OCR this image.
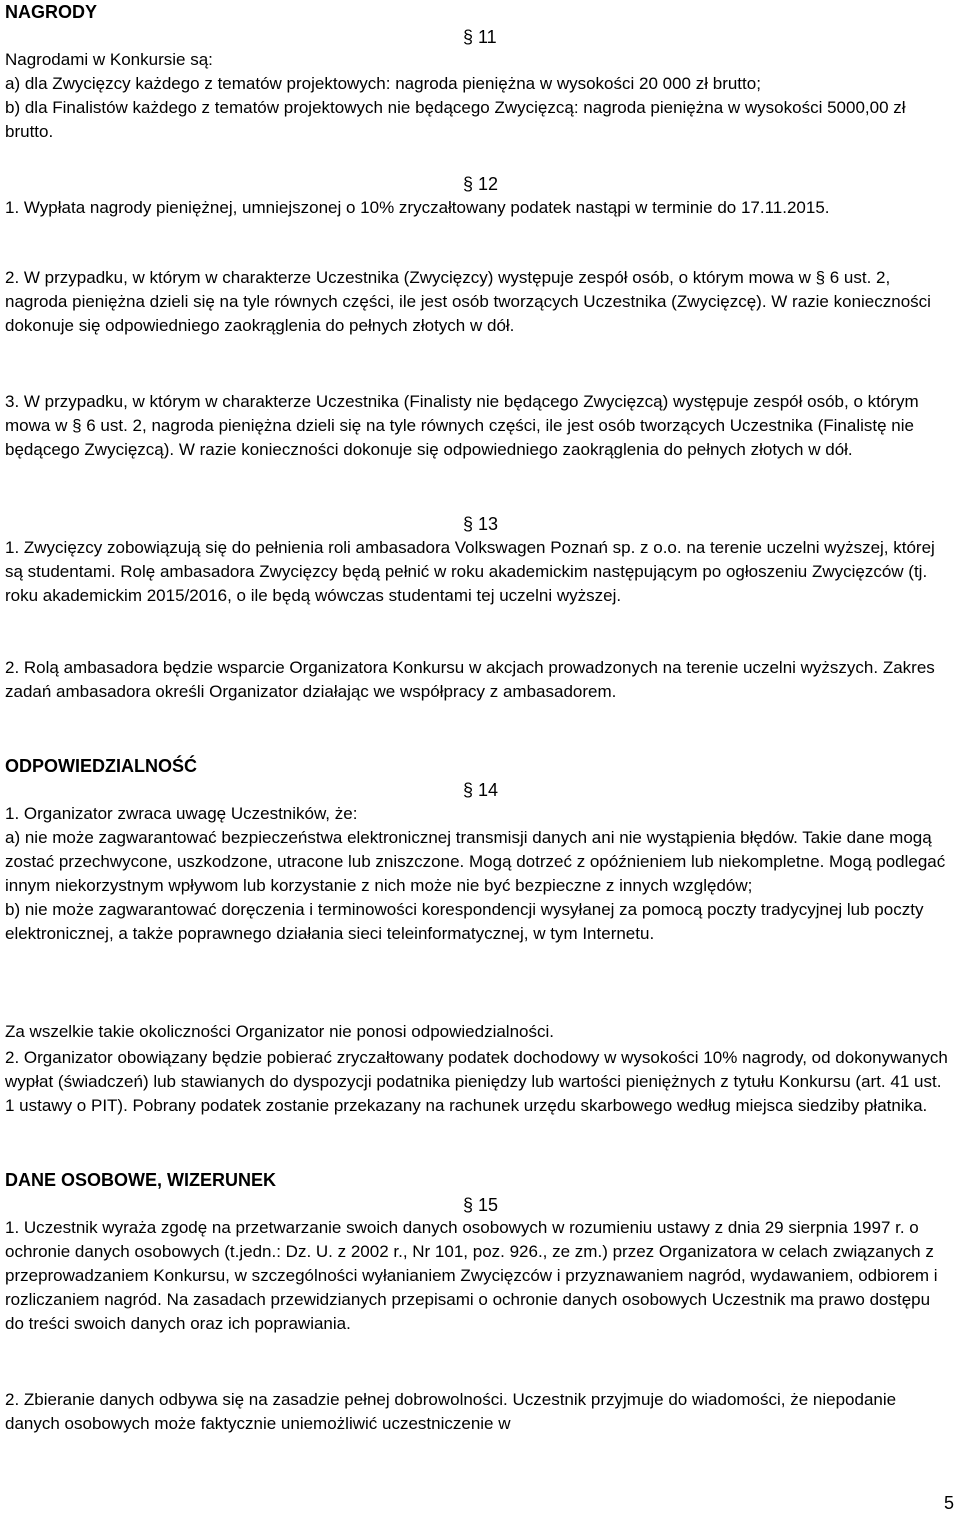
NAGRODY
§ 11

Nagrodami w Konkursie są:

a) dla Zwycięzcy każdego z tematów projektowych: nagroda pieniężna w wysokości 20 000 zł brutto;

b) dla Finalistów każdego z tematów projektowych nie będącego Zwycięzcą: nagroda pieniężna w wysokości 5000,00 zł brutto.

§ 12

1. Wypłata nagrody pieniężnej, umniejszonej o 10% zryczałtowany podatek nastąpi w terminie do 17.11.2015.

2. W przypadku, w którym w charakterze Uczestnika (Zwycięzcy) występuje zespół osób, o którym mowa w § 6 ust. 2, nagroda pieniężna dzieli się na tyle równych części, ile jest osób tworzących Uczestnika (Zwycięzcę). W razie konieczności dokonuje się odpowiedniego zaokrąglenia do pełnych złotych w dół.

3. W przypadku, w którym w charakterze Uczestnika (Finalisty nie będącego Zwycięzcą) występuje zespół osób, o którym mowa w § 6 ust. 2, nagroda pieniężna dzieli się na tyle równych części, ile jest osób tworzących Uczestnika (Finalistę nie będącego Zwycięzcą). W razie konieczności dokonuje się odpowiedniego zaokrąglenia do pełnych złotych w dół.

§ 13

1. Zwycięzcy zobowiązują się do pełnienia roli ambasadora Volkswagen Poznań sp. z o.o. na terenie uczelni wyższej, której są studentami. Rolę ambasadora Zwycięzcy będą pełnić w roku akademickim następującym po ogłoszeniu Zwycięzców (tj. roku akademickim 2015/2016, o ile będą wówczas studentami tej uczelni wyższej.

2. Rolą ambasadora będzie wsparcie Organizatora Konkursu w akcjach prowadzonych na terenie uczelni wyższych. Zakres zadań ambasadora określi Organizator działając we współpracy z ambasadorem.

ODPOWIEDZIALNOŚĆ
§ 14

1. Organizator zwraca uwagę Uczestników, że:

a) nie może zagwarantować bezpieczeństwa elektronicznej transmisji danych ani nie wystąpienia błędów. Takie dane mogą zostać przechwycone, uszkodzone, utracone lub zniszczone. Mogą dotrzeć z opóźnieniem lub niekompletne. Mogą podlegać innym niekorzystnym wpływom lub korzystanie z nich może nie być bezpieczne z innych względów;

b) nie może zagwarantować doręczenia i terminowości korespondencji wysyłanej za pomocą poczty tradycyjnej lub poczty elektronicznej, a także poprawnego działania sieci teleinformatycznej, w tym Internetu.

Za wszelkie takie okoliczności Organizator nie ponosi odpowiedzialności.

2. Organizator obowiązany będzie pobierać zryczałtowany podatek dochodowy w wysokości 10% nagrody, od dokonywanych wypłat (świadczeń) lub stawianych do dyspozycji podatnika pieniędzy lub wartości pieniężnych z tytułu Konkursu (art. 41 ust. 1 ustawy o PIT). Pobrany podatek zostanie przekazany na rachunek urzędu skarbowego według miejsca siedziby płatnika.

DANE OSOBOWE, WIZERUNEK
§ 15

1. Uczestnik wyraża zgodę na przetwarzanie swoich danych osobowych w rozumieniu ustawy z dnia 29 sierpnia 1997 r. o ochronie danych osobowych (t.jedn.: Dz. U. z 2002 r., Nr 101, poz. 926., ze zm.) przez Organizatora w celach związanych z przeprowadzaniem Konkursu, w szczególności wyłanianiem Zwycięzców i przyznawaniem nagród, wydawaniem, odbiorem i rozliczaniem nagród. Na zasadach przewidzianych przepisami o ochronie danych osobowych Uczestnik ma prawo dostępu do treści swoich danych oraz ich poprawiania.

2. Zbieranie danych odbywa się na zasadzie pełnej dobrowolności. Uczestnik przyjmuje do wiadomości, że niepodanie danych osobowych może faktycznie uniemożliwić uczestniczenie w

5
